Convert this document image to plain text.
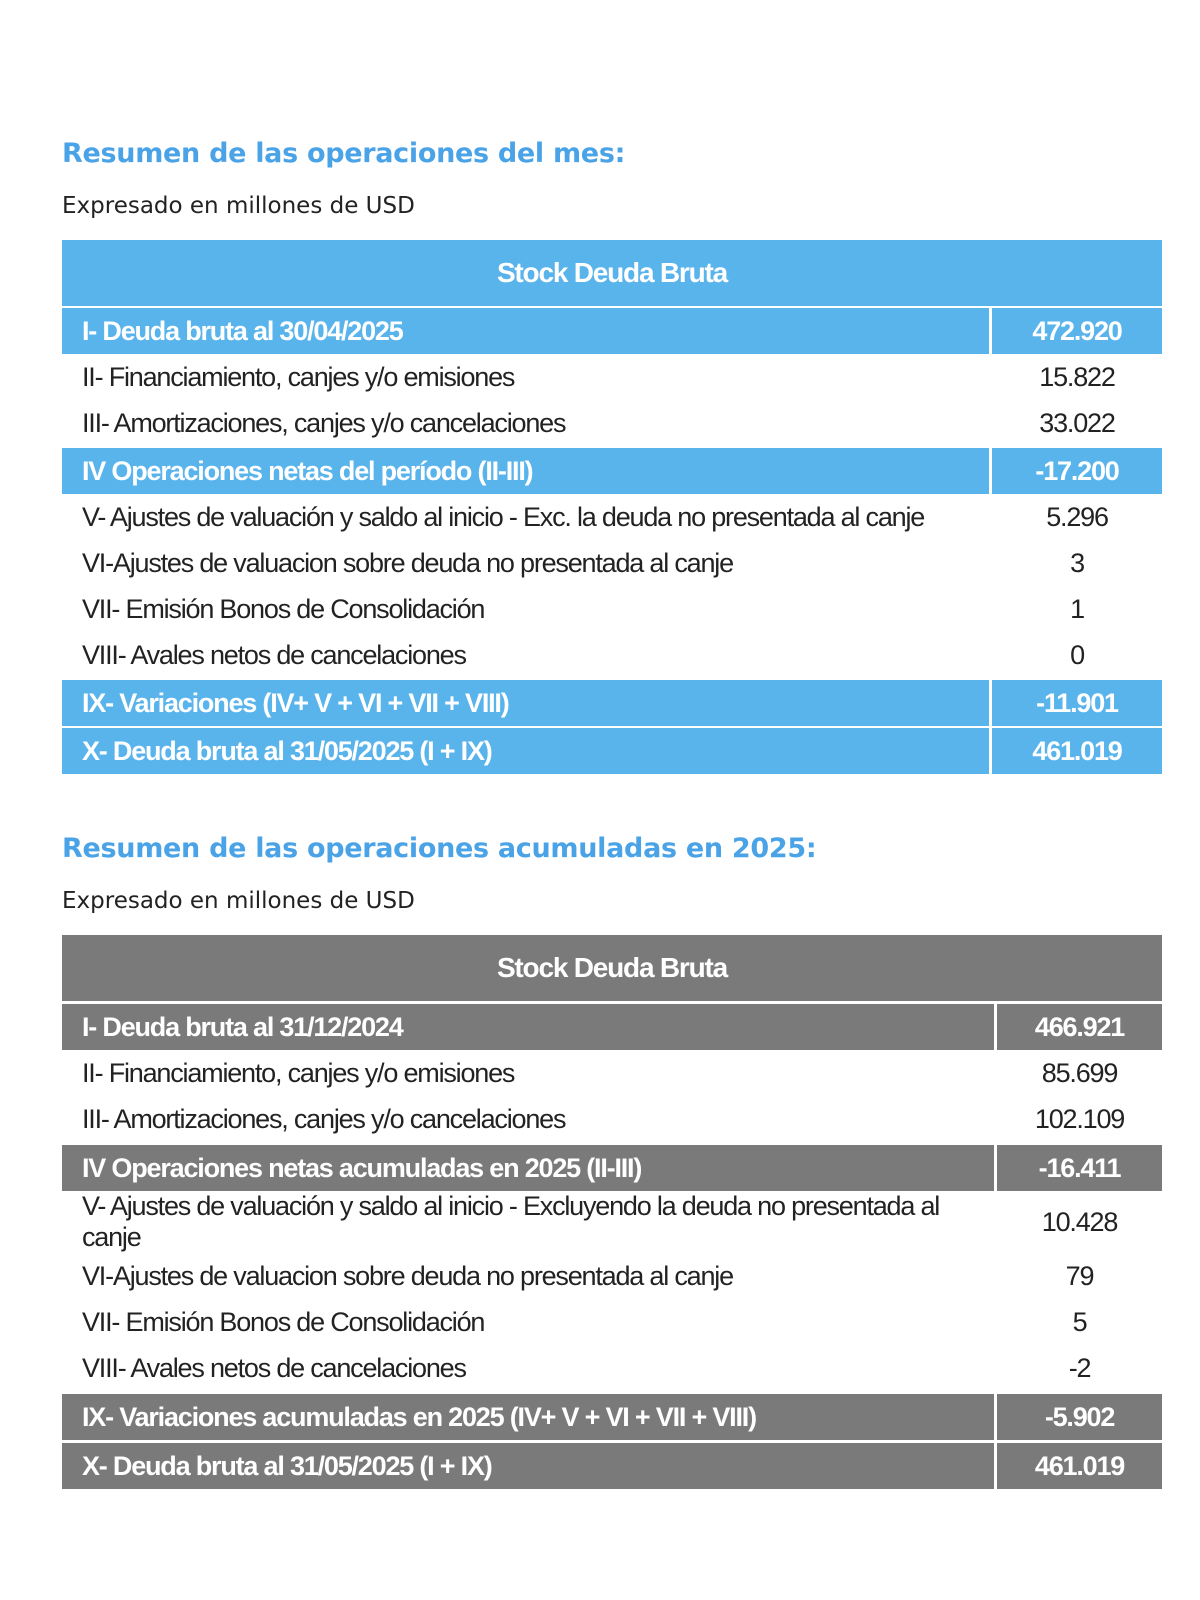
Resumen de las operaciones del mes:

Expresado en millones de USD

Stock Deuda Bruta	
I- Deuda bruta al 30/04/2025	472.920
II- Financiamiento, canjes y/o emisiones	15.822
III- Amortizaciones, canjes y/o cancelaciones	33.022
IV Operaciones netas del período (II-III)	-17.200
V- Ajustes de valuación y saldo al inicio - Exc. la deuda no presentada al canje	5.296
VI-Ajustes de valuacion sobre deuda no presentada al canje	3
VII- Emisión Bonos de Consolidación	1
VIII- Avales netos de cancelaciones	0
IX- Variaciones (IV+ V + VI + VII + VIII)	-11.901
X- Deuda bruta al 31/05/2025 (I + IX)	461.019
Resumen de las operaciones acumuladas en 2025:

Expresado en millones de USD

Stock Deuda Bruta	
I- Deuda bruta al 31/12/2024	466.921
II- Financiamiento, canjes y/o emisiones	85.699
III- Amortizaciones, canjes y/o cancelaciones	102.109
IV Operaciones netas acumuladas en 2025 (II-III)	-16.411
V- Ajustes de valuación y saldo al inicio - Excluyendo la deuda no presentada al canje	10.428
VI-Ajustes de valuacion sobre deuda no presentada al canje	79
VII- Emisión Bonos de Consolidación	5
VIII- Avales netos de cancelaciones	-2
IX- Variaciones acumuladas en 2025 (IV+ V + VI + VII + VIII)	-5.902
X- Deuda bruta al 31/05/2025 (I + IX)	461.019
